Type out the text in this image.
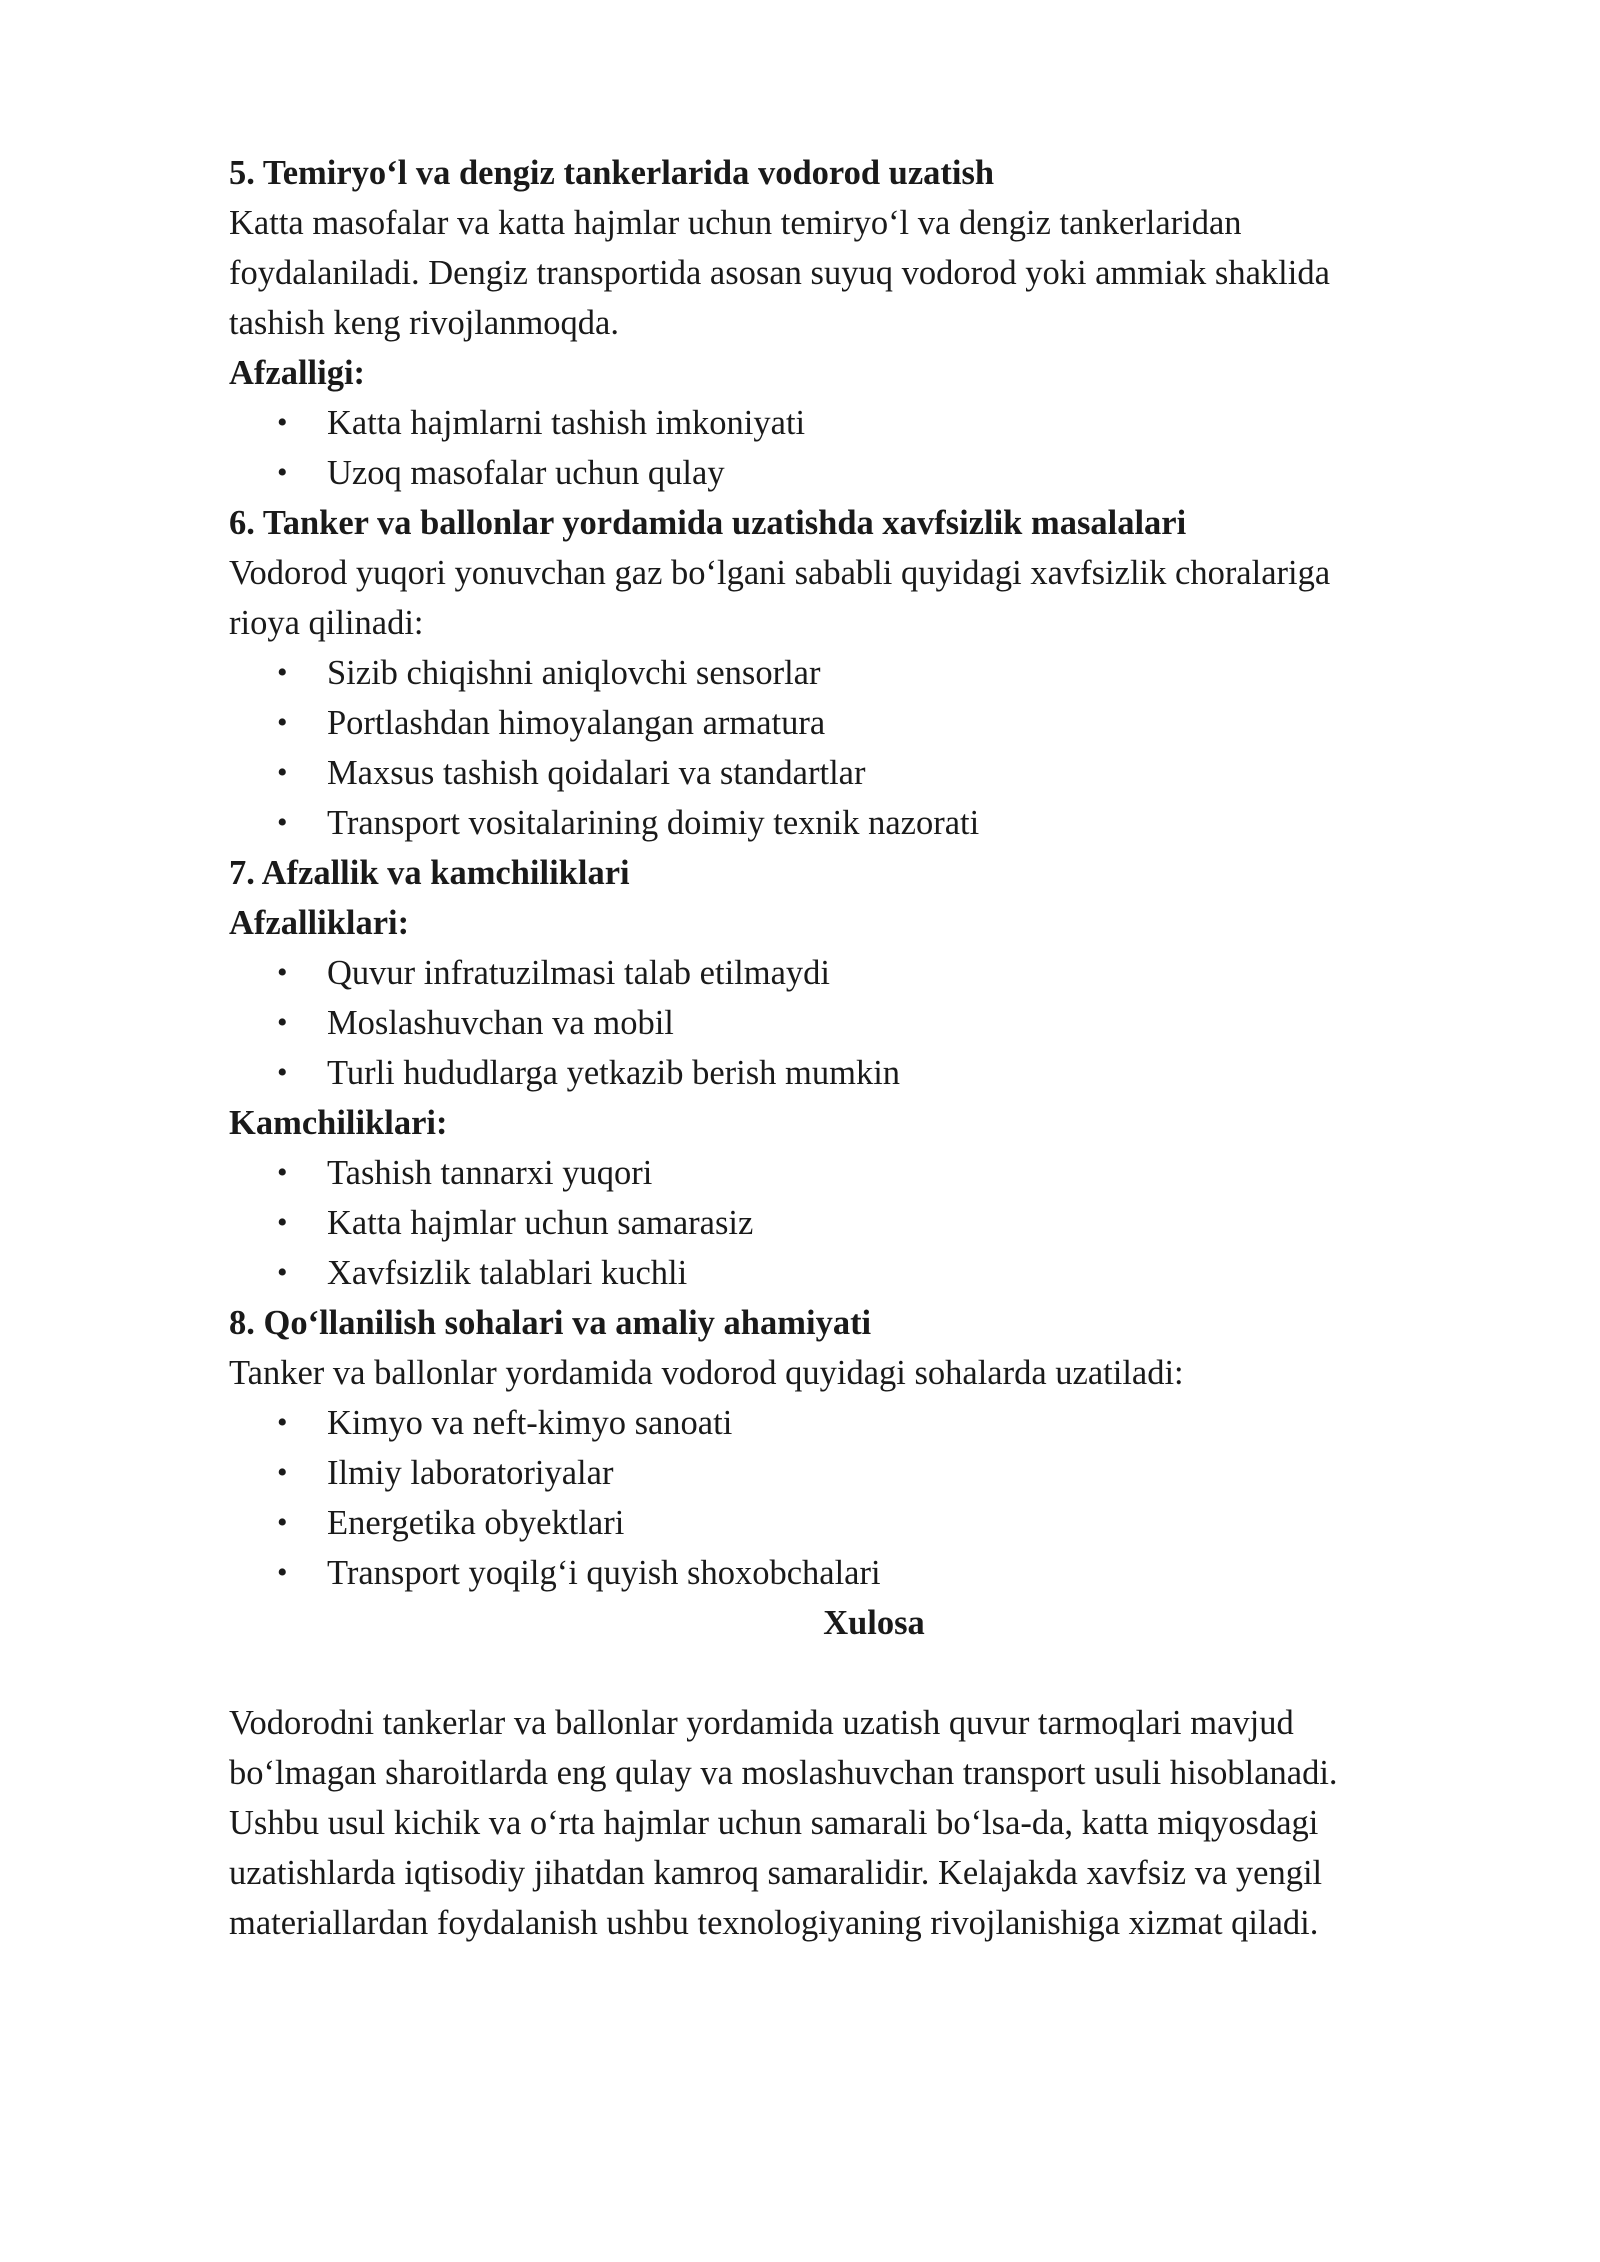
5. Temiryo‘l va dengiz tankerlarida vodorod uzatish

Katta masofalar va katta hajmlar uchun temiryo‘l va dengiz tankerlaridan

foydalaniladi. Dengiz transportida asosan suyuq vodorod yoki ammiak shaklida

tashish keng rivojlanmoqda.

Afzalligi:

• Katta hajmlarni tashish imkoniyati
• Uzoq masofalar uchun qulay

6. Tanker va ballonlar yordamida uzatishda xavfsizlik masalalari

Vodorod yuqori yonuvchan gaz bo‘lgani sababli quyidagi xavfsizlik choralariga

rioya qilinadi:

• Sizib chiqishni aniqlovchi sensorlar
• Portlashdan himoyalangan armatura
• Maxsus tashish qoidalari va standartlar
• Transport vositalarining doimiy texnik nazorati

7. Afzallik va kamchiliklari

Afzalliklari:

• Quvur infratuzilmasi talab etilmaydi
• Moslashuvchan va mobil
• Turli hududlarga yetkazib berish mumkin

Kamchiliklari:

• Tashish tannarxi yuqori
• Katta hajmlar uchun samarasiz
• Xavfsizlik talablari kuchli

8. Qo‘llanilish sohalari va amaliy ahamiyati

Tanker va ballonlar yordamida vodorod quyidagi sohalarda uzatiladi:

• Kimyo va neft-kimyo sanoati
• Ilmiy laboratoriyalar
• Energetika obyektlari
• Transport yoqilg‘i quyish shoxobchalari

Xulosa

Vodorodni tankerlar va ballonlar yordamida uzatish quvur tarmoqlari mavjud

bo‘lmagan sharoitlarda eng qulay va moslashuvchan transport usuli hisoblanadi.

Ushbu usul kichik va o‘rta hajmlar uchun samarali bo‘lsa-da, katta miqyosdagi

uzatishlarda iqtisodiy jihatdan kamroq samaralidir. Kelajakda xavfsiz va yengil

materiallardan foydalanish ushbu texnologiyaning rivojlanishiga xizmat qiladi.
